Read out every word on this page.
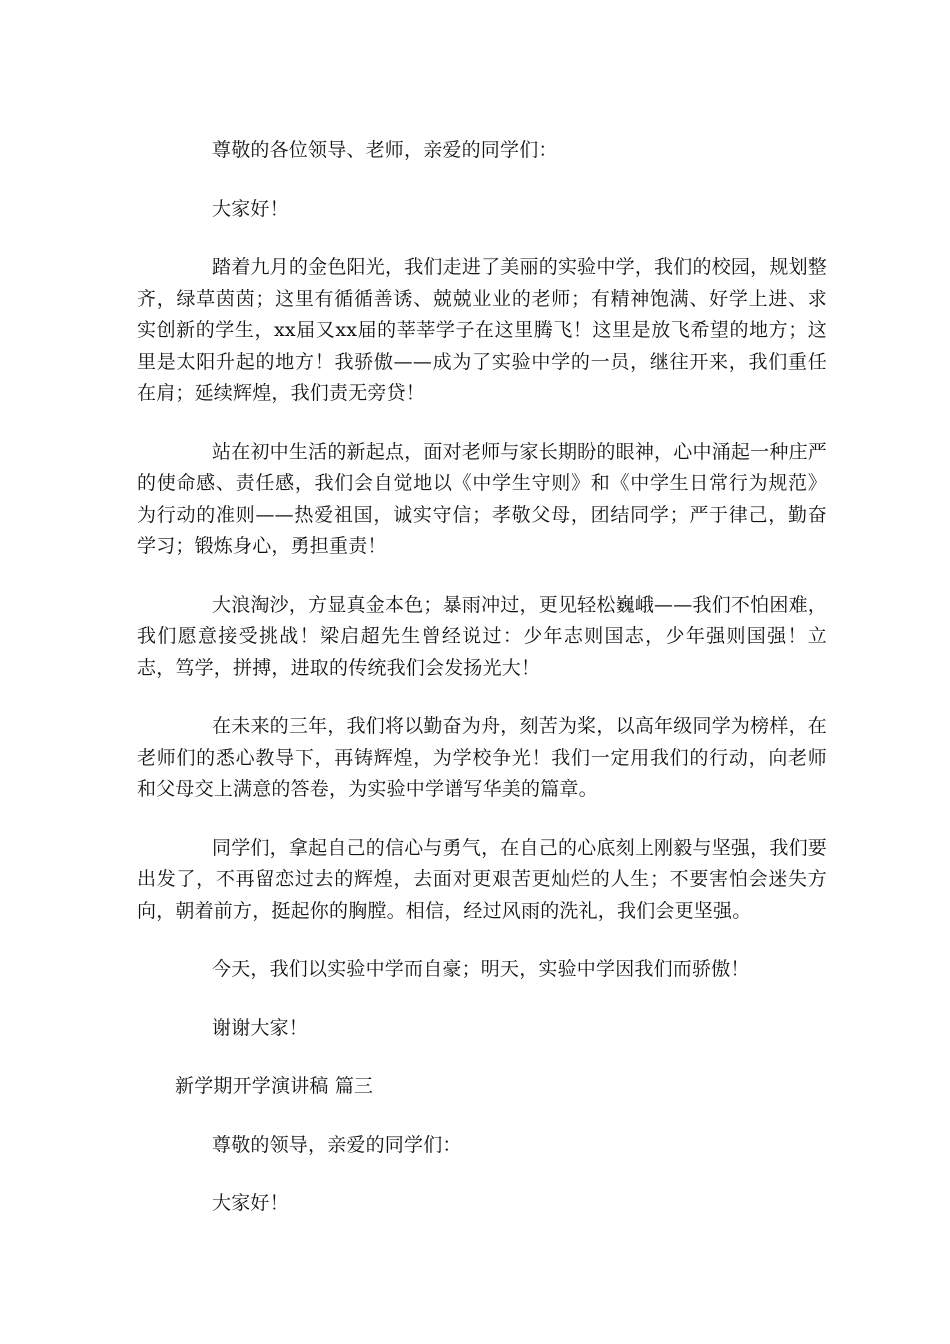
尊敬的各位领导、老师，亲爱的同学们：

大家好！

踏着九月的金色阳光，我们走进了美丽的实验中学，我们的校园，规划整齐，绿草茵茵；这里有循循善诱、兢兢业业的老师；有精神饱满、好学上进、求实创新的学生，xx届又xx届的莘莘学子在这里腾飞！这里是放飞希望的地方；这里是太阳升起的地方！我骄傲——成为了实验中学的一员，继往开来，我们重任在肩；延续辉煌，我们责无旁贷！

站在初中生活的新起点，面对老师与家长期盼的眼神，心中涌起一种庄严的使命感、责任感，我们会自觉地以《中学生守则》和《中学生日常行为规范》为行动的准则——热爱祖国，诚实守信；孝敬父母，团结同学；严于律己，勤奋学习；锻炼身心，勇担重责！

大浪淘沙，方显真金本色；暴雨冲过，更见轻松巍峨——我们不怕困难，我们愿意接受挑战！梁启超先生曾经说过：少年志则国志，少年强则国强！立志，笃学，拼搏，进取的传统我们会发扬光大！

在未来的三年，我们将以勤奋为舟，刻苦为桨，以高年级同学为榜样，在老师们的悉心教导下，再铸辉煌，为学校争光！我们一定用我们的行动，向老师和父母交上满意的答卷，为实验中学谱写华美的篇章。

同学们，拿起自己的信心与勇气，在自己的心底刻上刚毅与坚强，我们要出发了，不再留恋过去的辉煌，去面对更艰苦更灿烂的人生；不要害怕会迷失方向，朝着前方，挺起你的胸膛。相信，经过风雨的洗礼，我们会更坚强。

今天，我们以实验中学而自豪；明天，实验中学因我们而骄傲！

谢谢大家！

新学期开学演讲稿 篇三

尊敬的领导，亲爱的同学们：

大家好！
